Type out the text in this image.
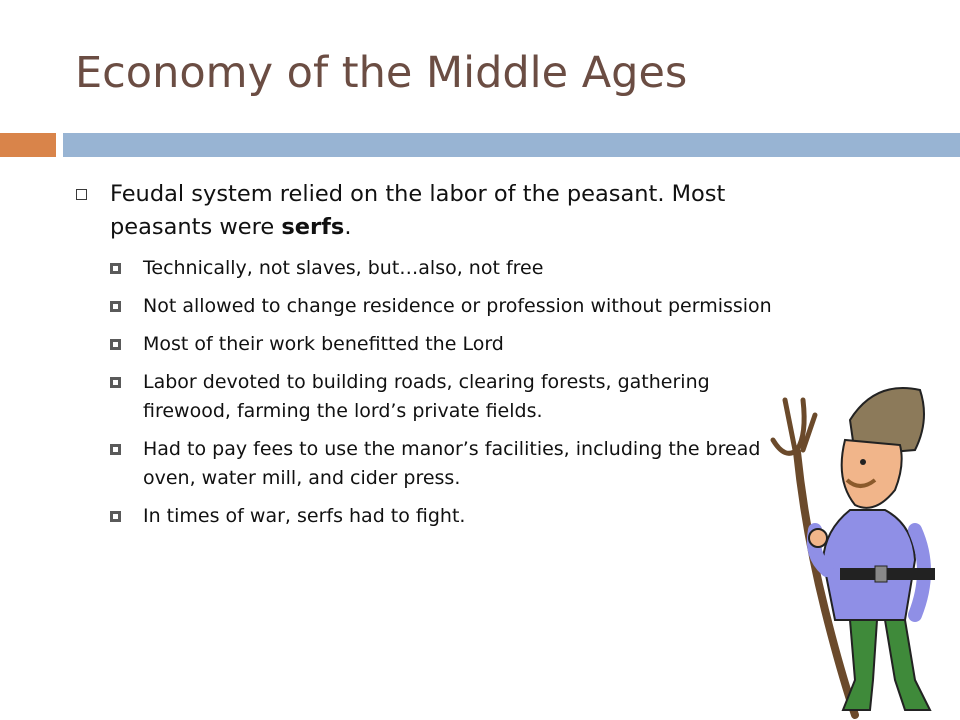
Economy of the Middle Ages

Feudal system relied on the labor of the peasant. Most peasants were serfs.

Technically, not slaves, but…also, not free

Not allowed to change residence or profession without permission

Most of their work benefitted the Lord

Labor devoted to building roads, clearing forests, gathering firewood, farming the lord’s private fields.

Had to pay fees to use the manor’s facilities, including the bread oven, water mill, and cider press.

In times of war, serfs had to fight.
